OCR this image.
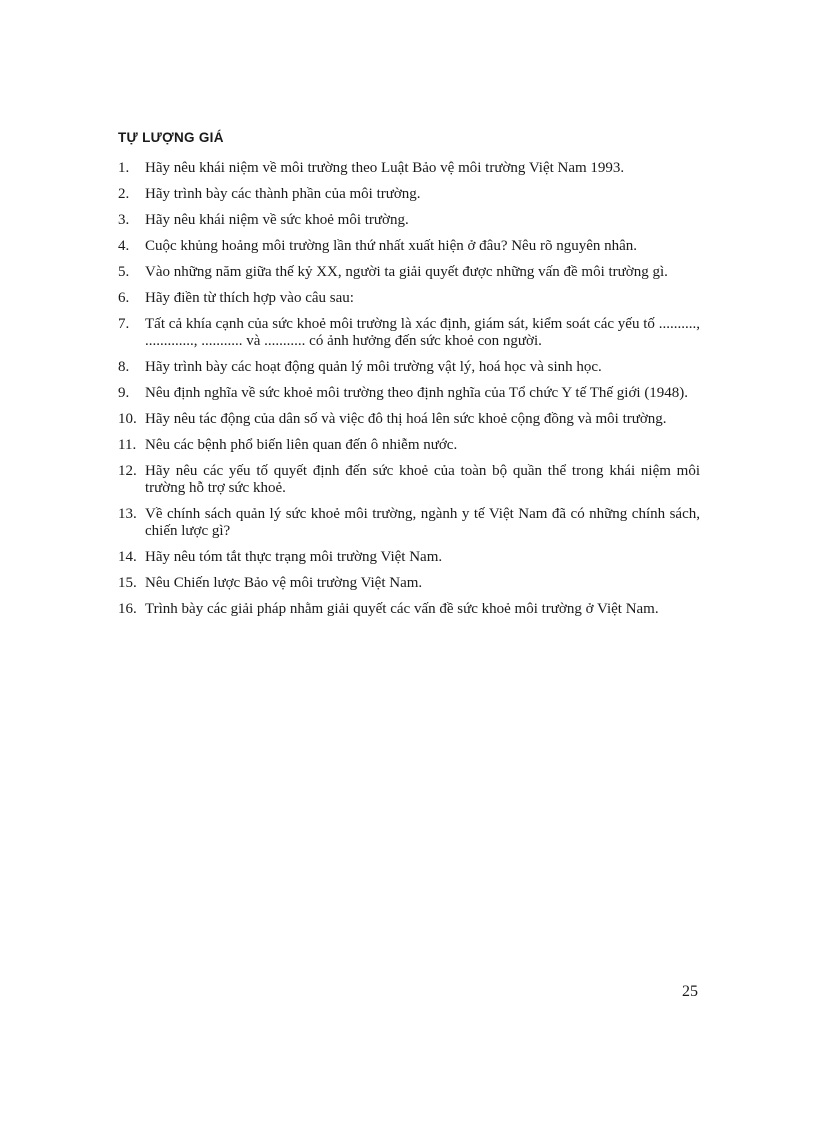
TỰ LƯỢNG GIÁ
1.	Hãy nêu khái niệm về môi trường theo Luật Bảo vệ môi trường Việt Nam 1993.
2.	Hãy trình bày các thành phần của môi trường.
3.	Hãy nêu khái niệm về sức khoẻ môi trường.
4.	Cuộc khủng hoảng môi trường lần thứ nhất xuất hiện ở đâu? Nêu rõ nguyên nhân.
5.	Vào những năm giữa thế kỷ XX, người ta giải quyết được những vấn đề môi trường gì.
6.	Hãy điền từ thích hợp vào câu sau:
7.	Tất cả khía cạnh của sức khoẻ môi trường là xác định, giám sát, kiểm soát các yếu tố .........., ............., ........... và ........... có ảnh hưởng đến sức khoẻ con người.
8.	Hãy trình bày các hoạt động quản lý môi trường vật lý, hoá học và sinh học.
9.	Nêu định nghĩa về sức khoẻ môi trường theo định nghĩa của Tổ chức Y tế Thế giới (1948).
10. Hãy nêu tác động của dân số và việc đô thị hoá lên sức khoẻ cộng đồng và môi trường.
11. Nêu các bệnh phổ biến liên quan đến ô nhiễm nước.
12. Hãy nêu các yếu tố quyết định đến sức khoẻ của toàn bộ quần thể trong khái niệm môi trường hỗ trợ sức khoẻ.
13. Về chính sách quản lý sức khoẻ môi trường, ngành y tế Việt Nam đã có những chính sách, chiến lược gì?
14. Hãy nêu tóm tắt thực trạng môi trường Việt Nam.
15. Nêu Chiến lược Bảo vệ môi trường Việt Nam.
16. Trình bày các giải pháp nhằm giải quyết các vấn đề sức khoẻ môi trường ở Việt Nam.
25
